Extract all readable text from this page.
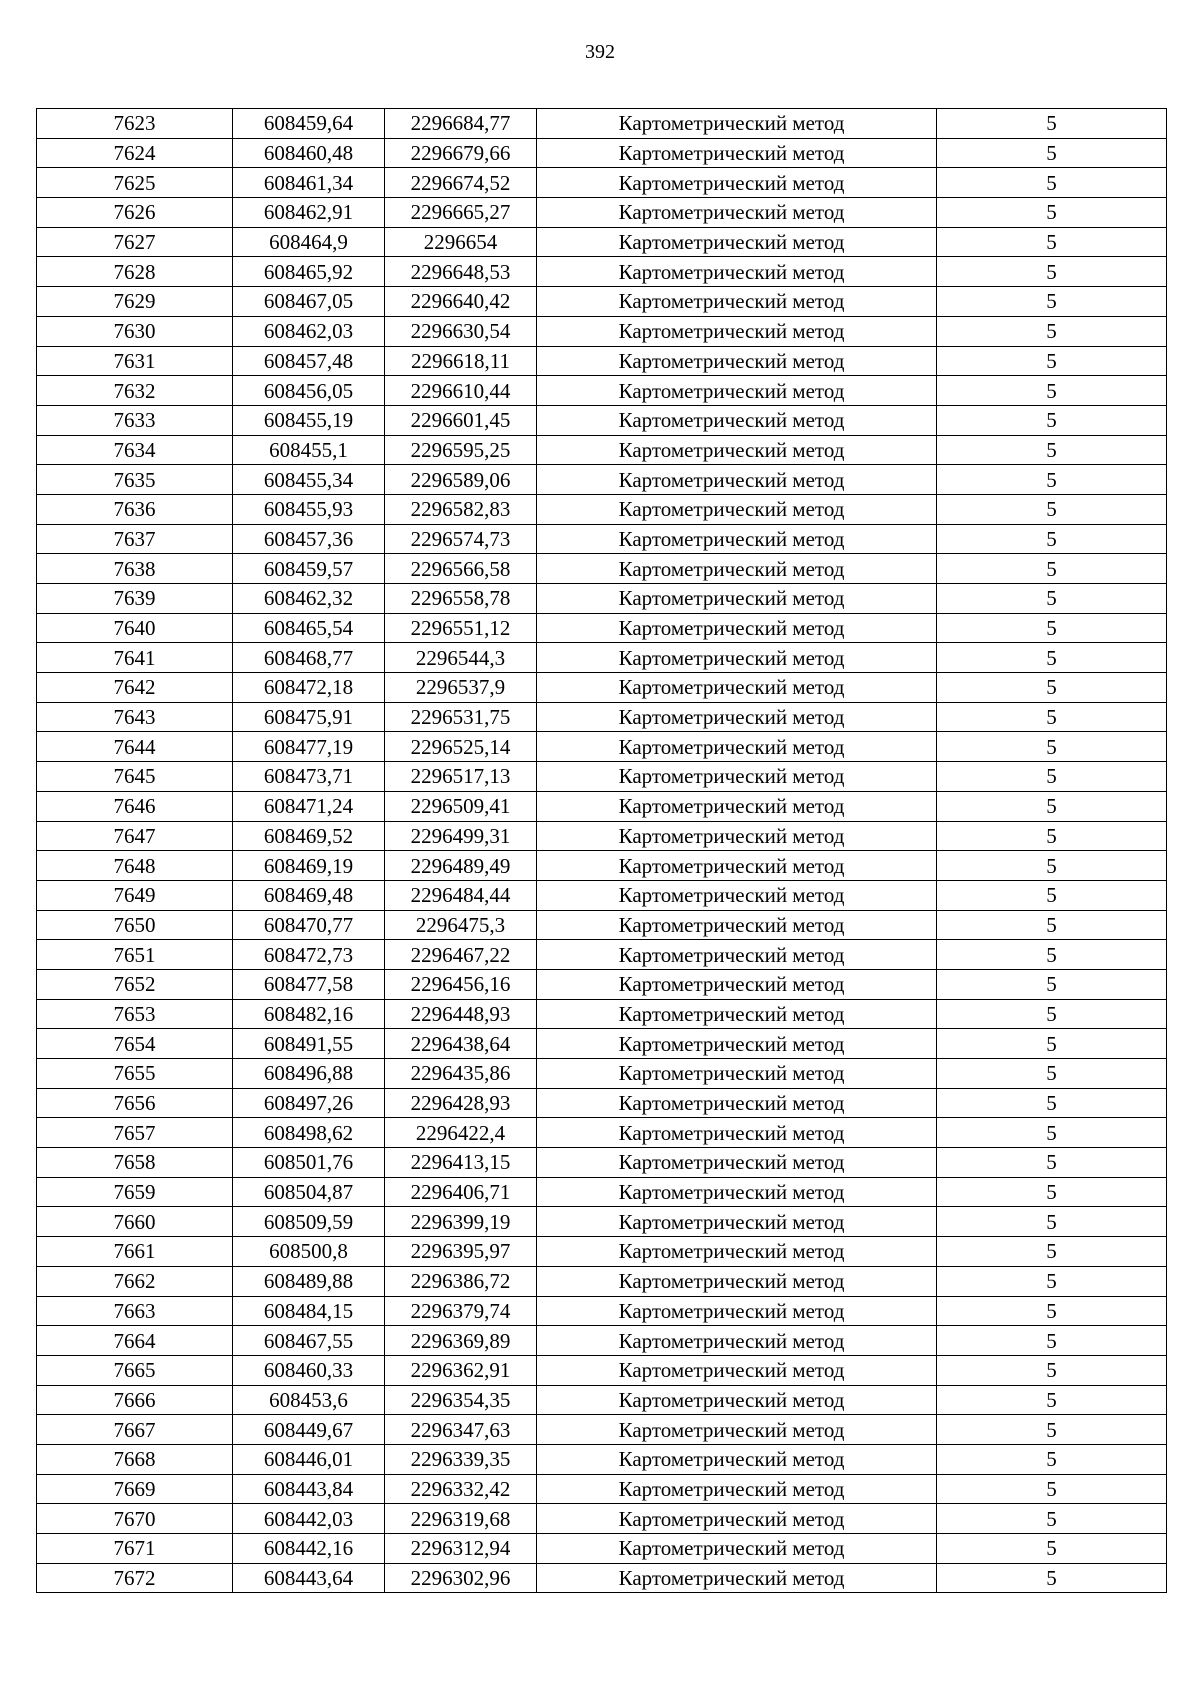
392
7623	608459,64	2296684,77	Картометрический метод	5
7624	608460,48	2296679,66	Картометрический метод	5
7625	608461,34	2296674,52	Картометрический метод	5
7626	608462,91	2296665,27	Картометрический метод	5
7627	608464,9	2296654	Картометрический метод	5
7628	608465,92	2296648,53	Картометрический метод	5
7629	608467,05	2296640,42	Картометрический метод	5
7630	608462,03	2296630,54	Картометрический метод	5
7631	608457,48	2296618,11	Картометрический метод	5
7632	608456,05	2296610,44	Картометрический метод	5
7633	608455,19	2296601,45	Картометрический метод	5
7634	608455,1	2296595,25	Картометрический метод	5
7635	608455,34	2296589,06	Картометрический метод	5
7636	608455,93	2296582,83	Картометрический метод	5
7637	608457,36	2296574,73	Картометрический метод	5
7638	608459,57	2296566,58	Картометрический метод	5
7639	608462,32	2296558,78	Картометрический метод	5
7640	608465,54	2296551,12	Картометрический метод	5
7641	608468,77	2296544,3	Картометрический метод	5
7642	608472,18	2296537,9	Картометрический метод	5
7643	608475,91	2296531,75	Картометрический метод	5
7644	608477,19	2296525,14	Картометрический метод	5
7645	608473,71	2296517,13	Картометрический метод	5
7646	608471,24	2296509,41	Картометрический метод	5
7647	608469,52	2296499,31	Картометрический метод	5
7648	608469,19	2296489,49	Картометрический метод	5
7649	608469,48	2296484,44	Картометрический метод	5
7650	608470,77	2296475,3	Картометрический метод	5
7651	608472,73	2296467,22	Картометрический метод	5
7652	608477,58	2296456,16	Картометрический метод	5
7653	608482,16	2296448,93	Картометрический метод	5
7654	608491,55	2296438,64	Картометрический метод	5
7655	608496,88	2296435,86	Картометрический метод	5
7656	608497,26	2296428,93	Картометрический метод	5
7657	608498,62	2296422,4	Картометрический метод	5
7658	608501,76	2296413,15	Картометрический метод	5
7659	608504,87	2296406,71	Картометрический метод	5
7660	608509,59	2296399,19	Картометрический метод	5
7661	608500,8	2296395,97	Картометрический метод	5
7662	608489,88	2296386,72	Картометрический метод	5
7663	608484,15	2296379,74	Картометрический метод	5
7664	608467,55	2296369,89	Картометрический метод	5
7665	608460,33	2296362,91	Картометрический метод	5
7666	608453,6	2296354,35	Картометрический метод	5
7667	608449,67	2296347,63	Картометрический метод	5
7668	608446,01	2296339,35	Картометрический метод	5
7669	608443,84	2296332,42	Картометрический метод	5
7670	608442,03	2296319,68	Картометрический метод	5
7671	608442,16	2296312,94	Картометрический метод	5
7672	608443,64	2296302,96	Картометрический метод	5
